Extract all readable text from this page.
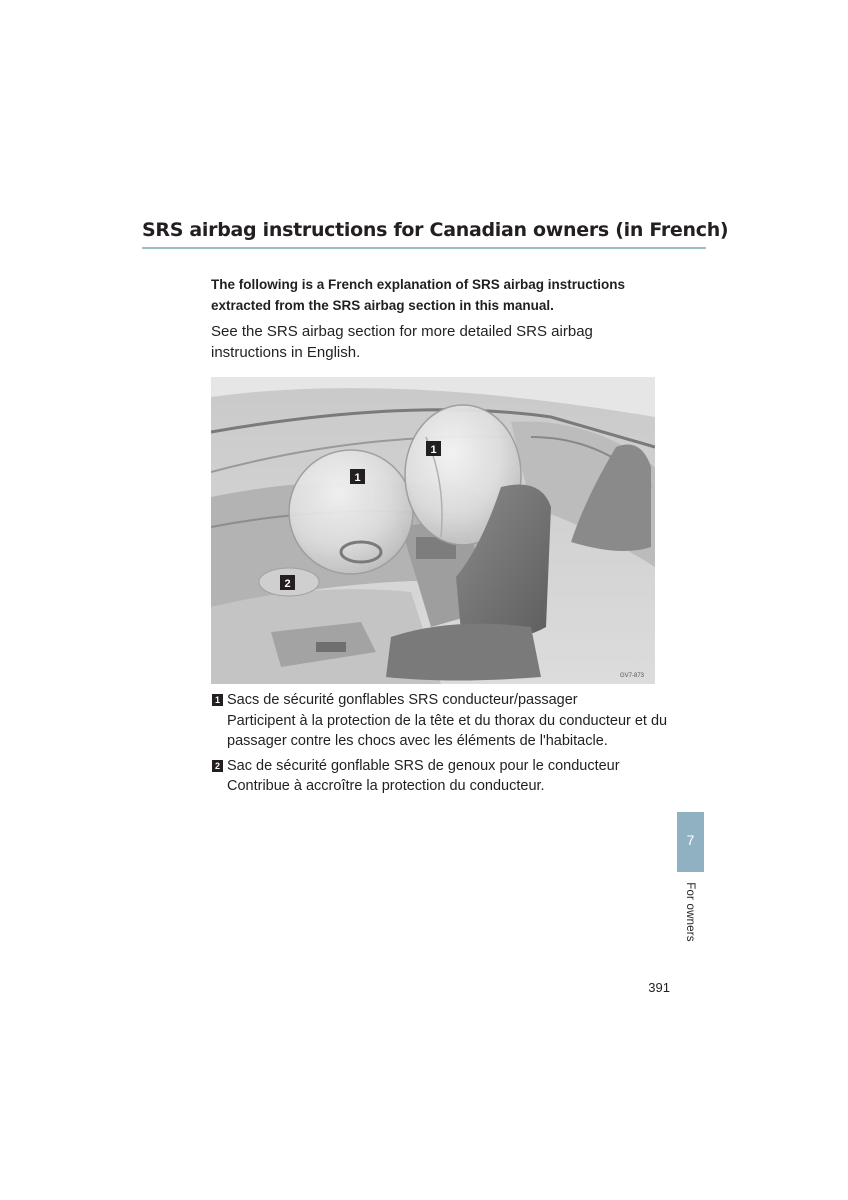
SRS airbag instructions for Canadian owners (in French)
The following is a French explanation of SRS airbag instructions extracted from the SRS airbag section in this manual.
See the SRS airbag section for more detailed SRS airbag instructions in English.
1
1
2
GV7-873
1 Sacs de sécurité gonflables SRS conducteur/passager
Participent à la protection de la tête et du thorax du conducteur et du passager contre les chocs avec les éléments de l'habitacle.
2 Sac de sécurité gonflable SRS de genoux pour le conducteur
Contribue à accroître la protection du conducteur.
7
For owners
391
